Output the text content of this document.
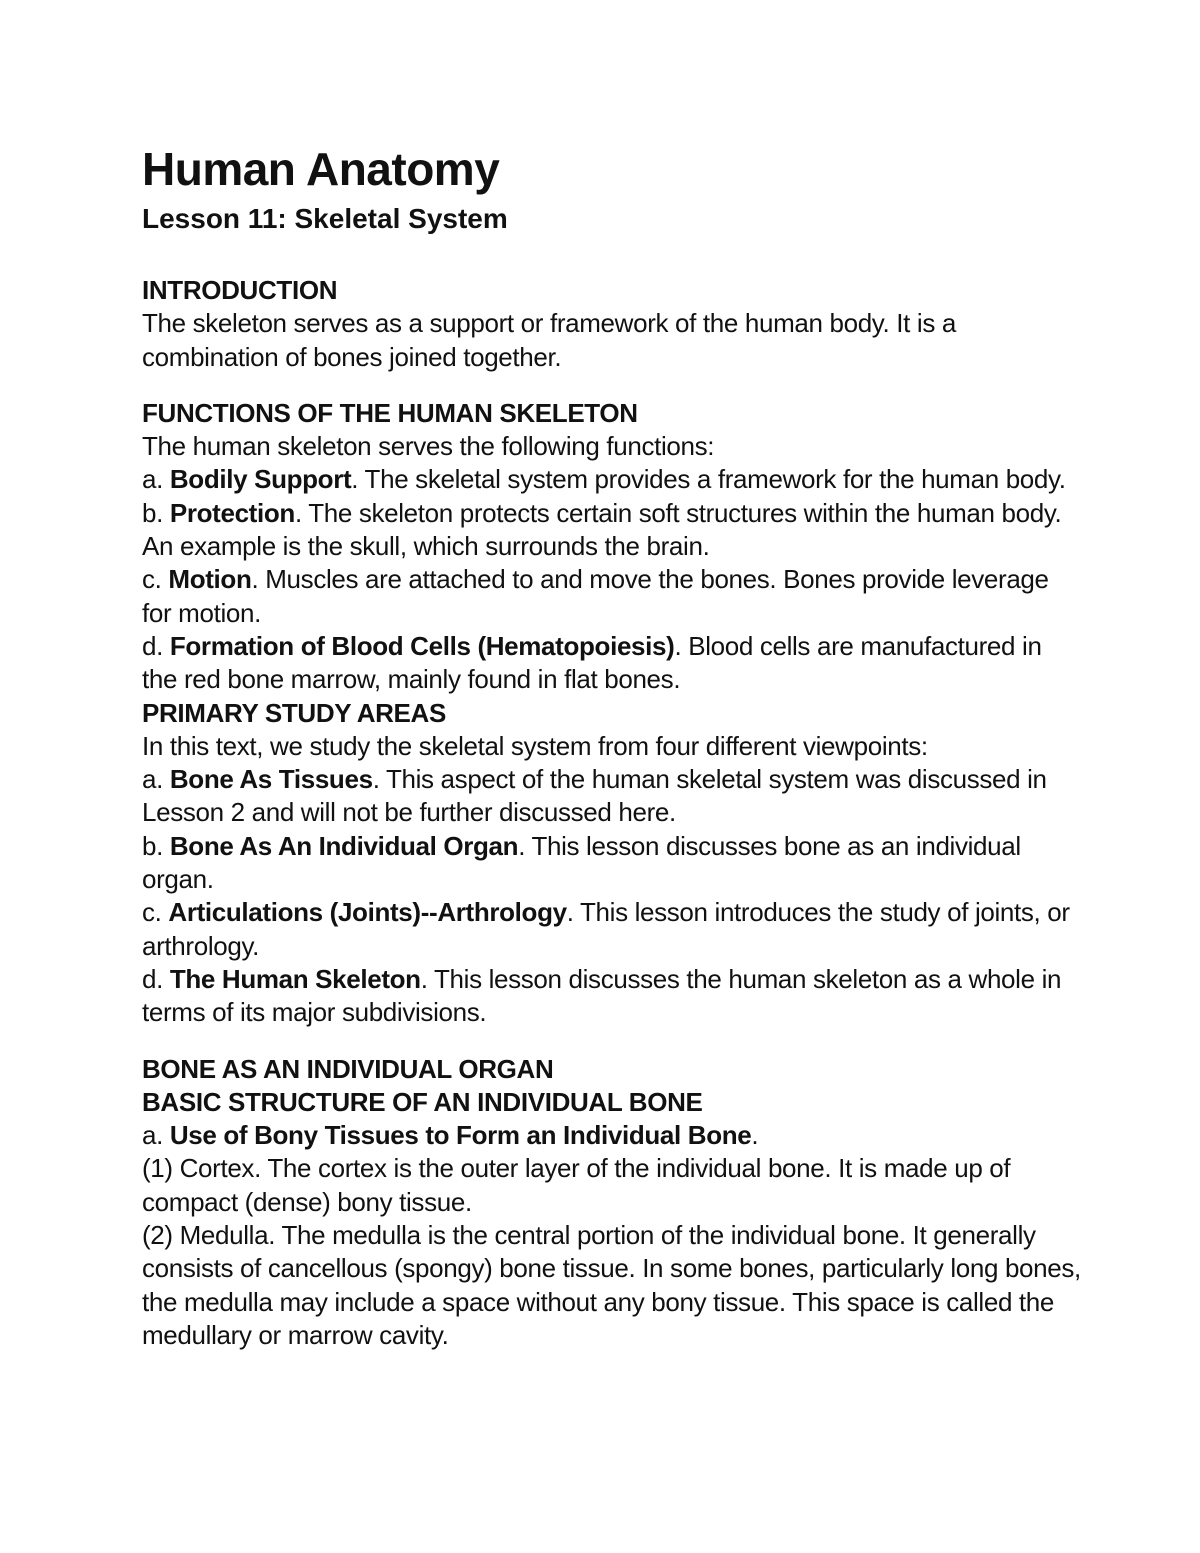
Human Anatomy
Lesson 11: Skeletal System

INTRODUCTION

The skeleton serves as a support or framework of the human body. It is a combination of bones joined together.

FUNCTIONS OF THE HUMAN SKELETON

The human skeleton serves the following functions:

a. Bodily Support. The skeletal system provides a framework for the human body.

b. Protection. The skeleton protects certain soft structures within the human body. An example is the skull, which surrounds the brain.

c. Motion. Muscles are attached to and move the bones. Bones provide leverage for motion.

d. Formation of Blood Cells (Hematopoiesis). Blood cells are manufactured in the red bone marrow, mainly found in flat bones.

PRIMARY STUDY AREAS

In this text, we study the skeletal system from four different viewpoints:

a. Bone As Tissues. This aspect of the human skeletal system was discussed in Lesson 2 and will not be further discussed here.

b. Bone As An Individual Organ. This lesson discusses bone as an individual organ.

c. Articulations (Joints)--Arthrology. This lesson introduces the study of joints, or arthrology.

d. The Human Skeleton. This lesson discusses the human skeleton as a whole in terms of its major subdivisions.

BONE AS AN INDIVIDUAL ORGAN

BASIC STRUCTURE OF AN INDIVIDUAL BONE

a. Use of Bony Tissues to Form an Individual Bone.

(1) Cortex. The cortex is the outer layer of the individual bone. It is made up of compact (dense) bony tissue.

(2) Medulla. The medulla is the central portion of the individual bone. It generally consists of cancellous (spongy) bone tissue. In some bones, particularly long bones, the medulla may include a space without any bony tissue. This space is called the medullary or marrow cavity.
